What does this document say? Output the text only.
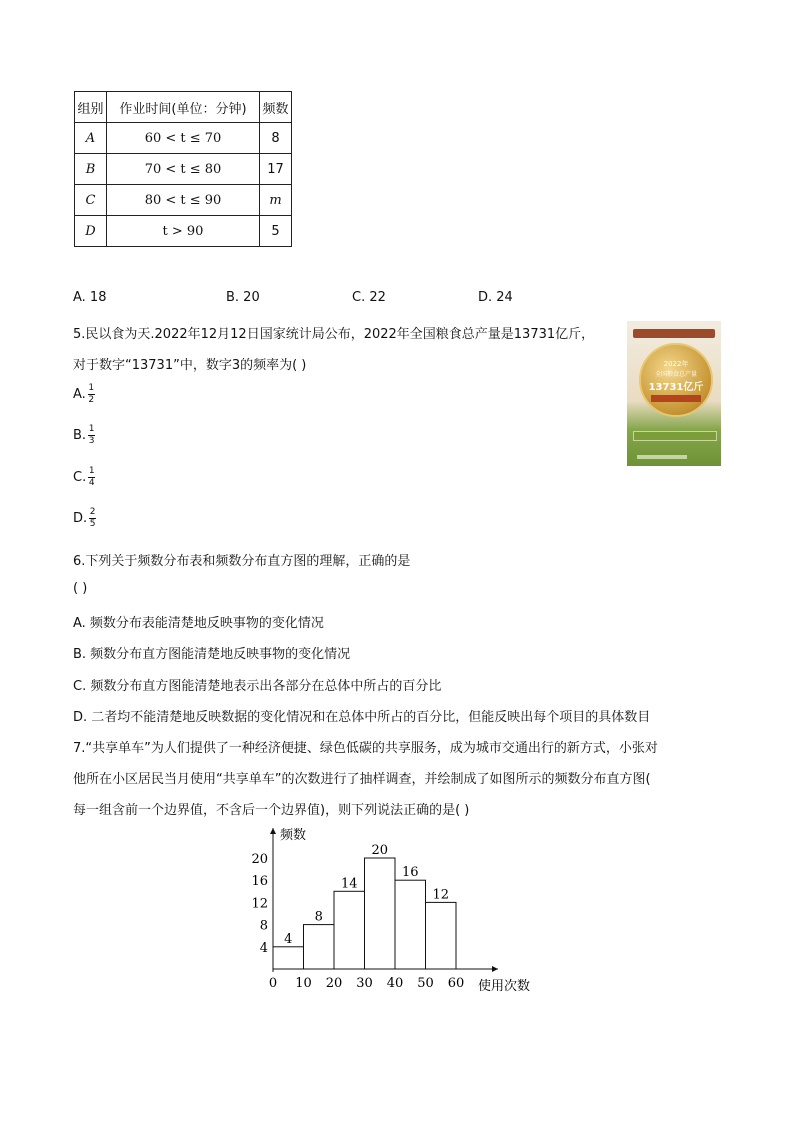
组别	作业时间(单位：分钟)	频数
A	60 < t ≤ 70	8
B	70 < t ≤ 80	17
C	80 < t ≤ 90	m
D	t > 90	5
A. 18	B. 20	C. 22	D. 24
5.民以食为天.2022年12月12日国家统计局公布，2022年全国粮食总产量是13731亿斤，
对于数字“13731”中，数字3的频率为( )
A. $\frac{1}{2}$
B. $\frac{1}{3}$
C. $\frac{1}{4}$
D. $\frac{2}{5}$
2022年
全国粮食总产量
13731亿斤
6.下列关于频数分布表和频数分布直方图的理解，正确的是
( )
A. 频数分布表能清楚地反映事物的变化情况
B. 频数分布直方图能清楚地反映事物的变化情况
C. 频数分布直方图能清楚地表示出各部分在总体中所占的百分比
D. 二者均不能清楚地反映数据的变化情况和在总体中所占的百分比，但能反映出每个项目的具体数目
7.“共享单车”为人们提供了一种经济便捷、绿色低碳的共享服务，成为城市交通出行的新方式，小张对
他所在小区居民当月使用“共享单车”的次数进行了抽样调查，并绘制成了如图所示的频数分布直方图(
每一组含前一个边界值，不含后一个边界值)，则下列说法正确的是( )
频数
使用次数
4
8
14
20
16
12
0 10 20 30 40 50 60
4
8
12
16
20
